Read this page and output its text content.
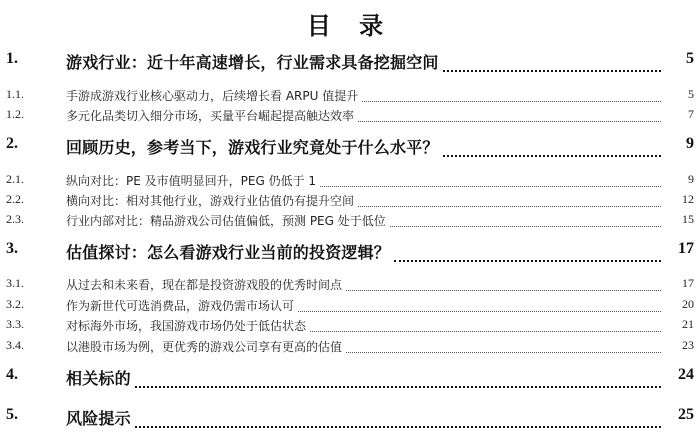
目 录
1.	游戏行业：近十年高速增长，行业需求具备挖掘空间	5
1.1.	手游成游戏行业核心驱动力，后续增长看 ARPU 值提升	5
1.2.	多元化品类切入细分市场，买量平台崛起提高触达效率	7
2.	回顾历史，参考当下，游戏行业究竟处于什么水平？	9
2.1.	纵向对比：PE 及市值明显回升，PEG 仍低于 1	9
2.2.	横向对比：相对其他行业，游戏行业估值仍有提升空间	12
2.3.	行业内部对比：精品游戏公司估值偏低，预测 PEG 处于低位	15
3.	估值探讨：怎么看游戏行业当前的投资逻辑？	17
3.1.	从过去和未来看，现在都是投资游戏股的优秀时间点	17
3.2.	作为新世代可选消费品，游戏仍需市场认可	20
3.3.	对标海外市场，我国游戏市场仍处于低估状态	21
3.4.	以港股市场为例，更优秀的游戏公司享有更高的估值	23
4.	相关标的	24
5.	风险提示	25
